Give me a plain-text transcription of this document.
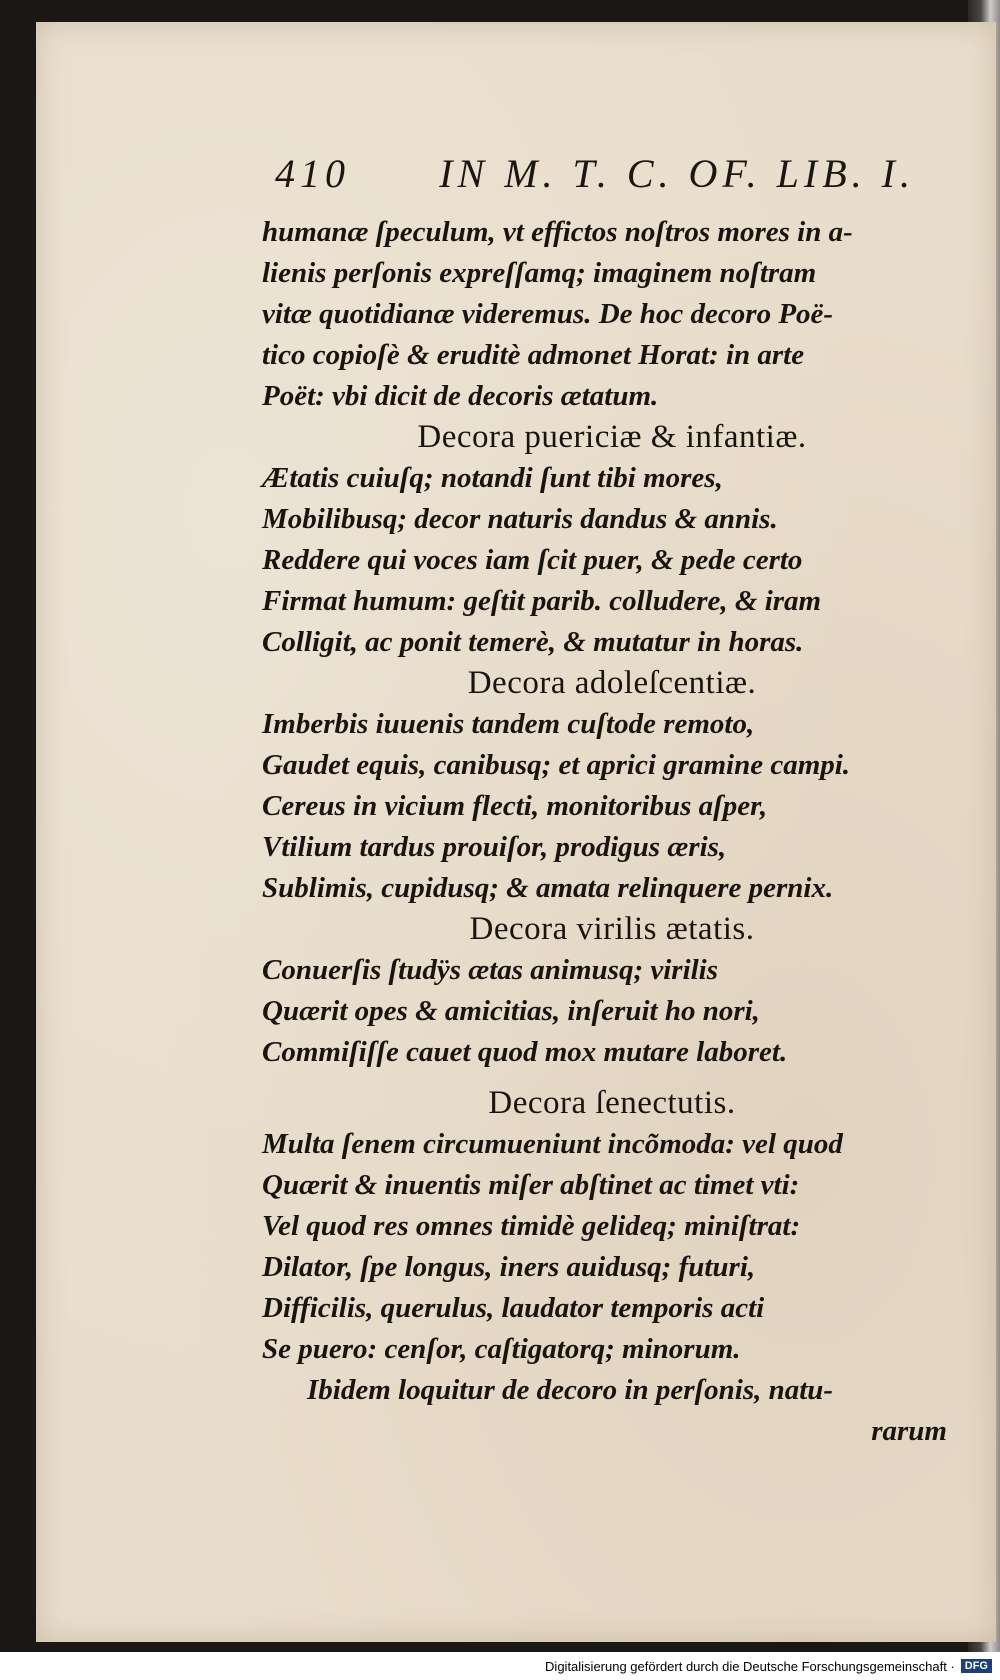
410 IN M. T. C. OF. LIB. I.
humanæ ſpeculum, vt effictos noſtros mores in a-
lienis perſonis expreſſamq; imaginem noſtram
vitæ quotidianæ videremus. De hoc decoro Poë-
tico copioſè & eruditè admonet Horat: in arte
Poët: vbi dicit de decoris ætatum.
Decora puericiæ & infantiæ.
Ætatis cuiuſq; notandi ſunt tibi mores,
Mobilibusq; decor naturis dandus & annis.
Reddere qui voces iam ſcit puer, & pede certo
Firmat humum: geſtit parib. colludere, & iram
Colligit, ac ponit temerè, & mutatur in horas.
Decora adoleſcentiæ.
Imberbis iuuenis tandem cuſtode remoto,
Gaudet equis, canibusq; et aprici gramine campi.
Cereus in vicium flecti, monitoribus aſper,
Vtilium tardus prouiſor, prodigus æris,
Sublimis, cupidusq; & amata relinquere pernix.
Decora virilis ætatis.
Conuerſis ſtudÿs ætas animusq; virilis
Quærit opes & amicitias, inſeruit ho nori,
Commiſiſſe cauet quod mox mutare laboret.
Decora ſenectutis.
Multa ſenem circumueniunt incõmoda: vel quod
Quærit & inuentis miſer abſtinet ac timet vti:
Vel quod res omnes timidè gelideq; miniſtrat:
Dilator, ſpe longus, iners auidusq; futuri,
Difficilis, querulus, laudator temporis acti
Se puero: cenſor, caſtigatorq; minorum.
Ibidem loquitur de decoro in perſonis, natu-
rarum
Digitalisierung gefördert durch die Deutsche Forschungsgemeinschaft · DFG
